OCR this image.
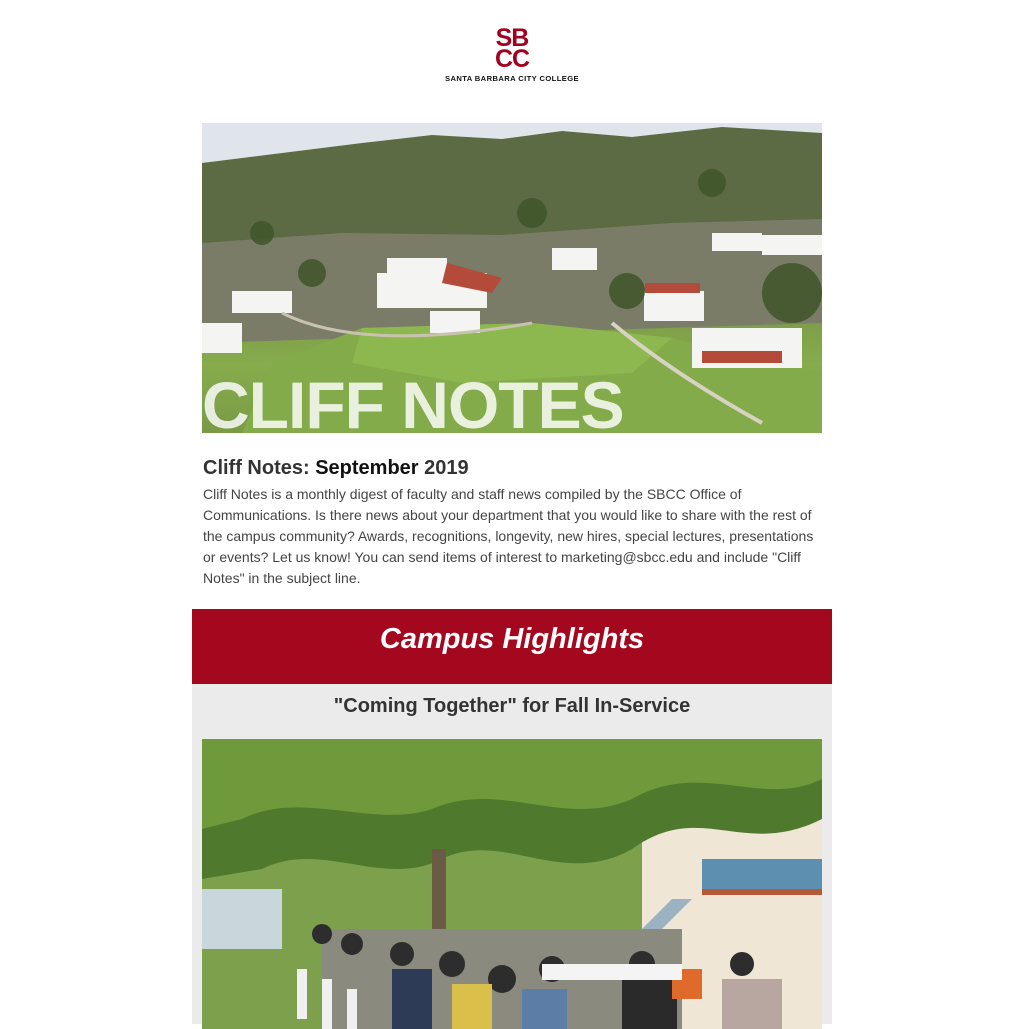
SB
CC
SANTA BARBARA CITY COLLEGE
CLIFF NOTES
Cliff Notes: September 2019
Cliff Notes is a monthly digest of faculty and staff news compiled by the SBCC Office of Communications. Is there news about your department that you would like to share with the rest of the campus community? Awards, recognitions, longevity, new hires, special lectures, presentations or events? Let us know! You can send items of interest to marketing@sbcc.edu and include "Cliff Notes" in the subject line.
Campus Highlights
"Coming Together" for Fall In-Service
